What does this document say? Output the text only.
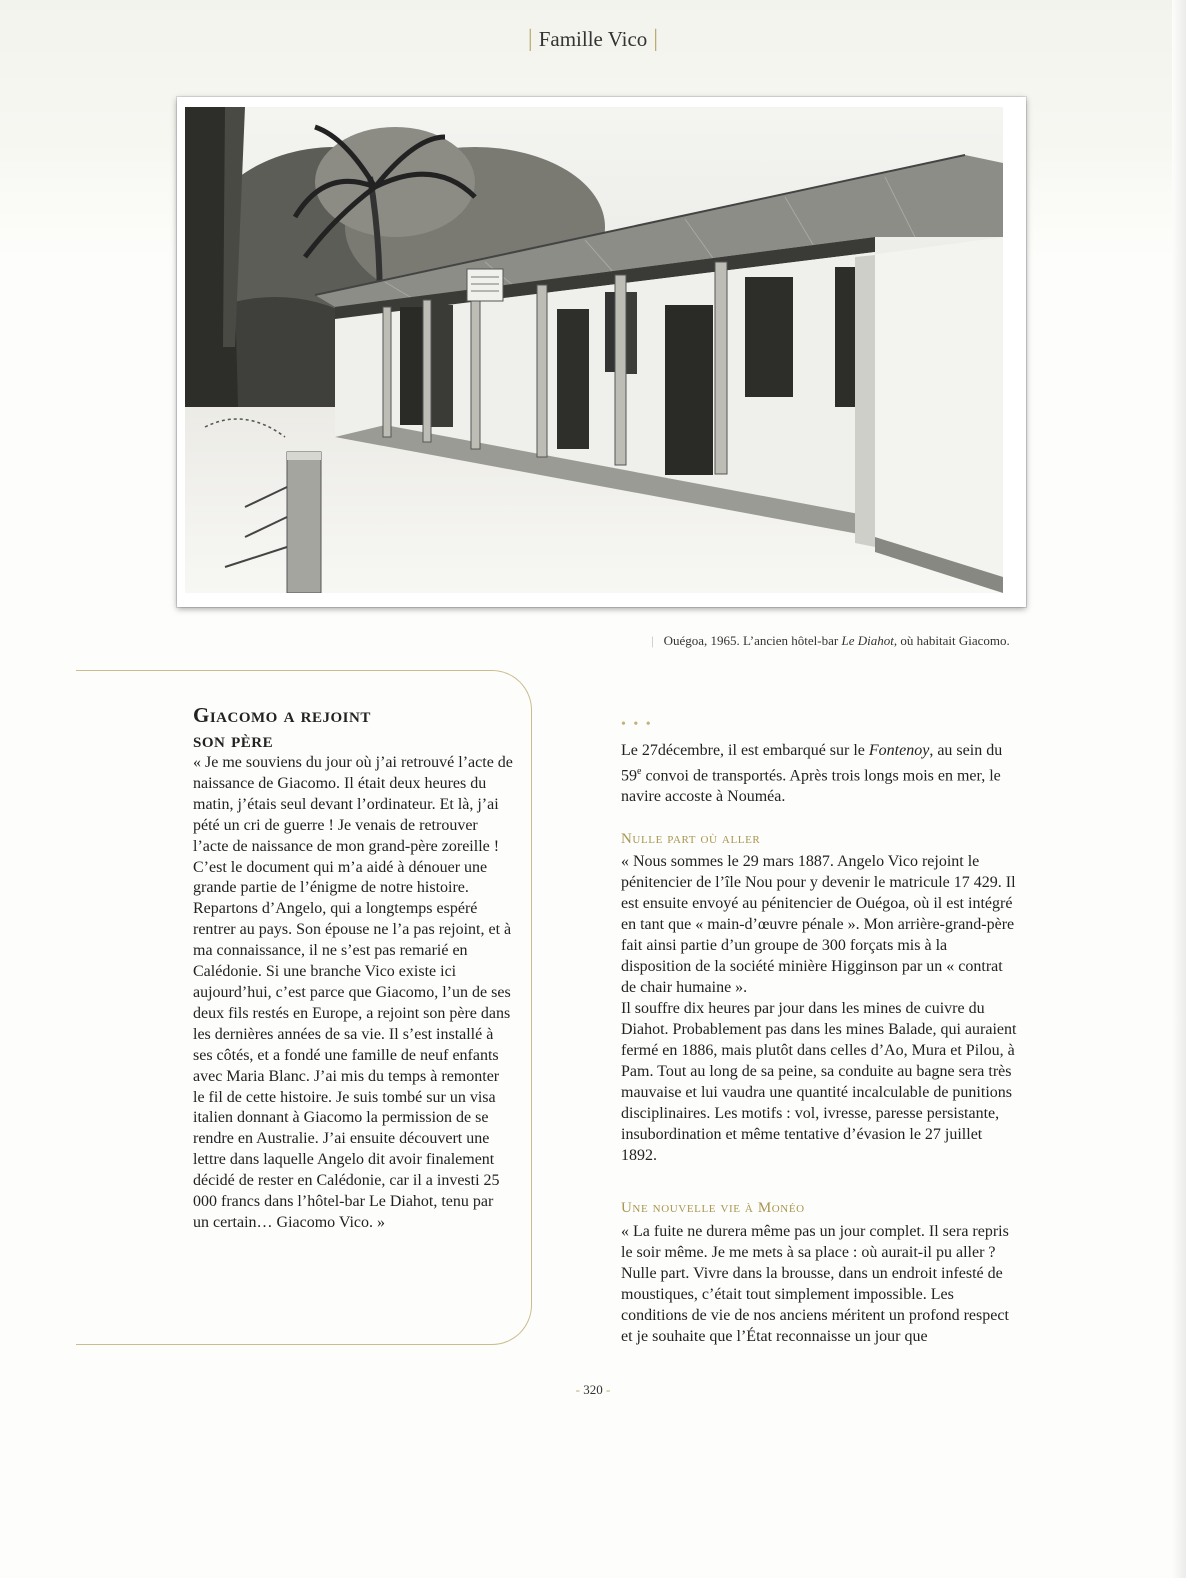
| Famille Vico |
| Ouégoa, 1965. L’ancien hôtel-bar Le Diahot, où habitait Giacomo.
Giacomo a rejoint
son père
« Je me souviens du jour où j’ai retrouvé l’acte de naissance de Giacomo. Il était deux heures du matin, j’étais seul devant l’ordinateur. Et là, j’ai pété un cri de guerre ! Je venais de retrouver l’acte de naissance de mon grand-père zoreille ! C’est le document qui m’a aidé à dénouer une grande partie de l’énigme de notre histoire. Repartons d’Angelo, qui a longtemps espéré rentrer au pays. Son épouse ne l’a pas rejoint, et à ma connaissance, il ne s’est pas remarié en Calédonie. Si une branche Vico existe ici aujourd’hui, c’est parce que Giacomo, l’un de ses deux fils restés en Europe, a rejoint son père dans les dernières années de sa vie. Il s’est installé à ses côtés, et a fondé une famille de neuf enfants avec Maria Blanc. J’ai mis du temps à remonter le fil de cette histoire. Je suis tombé sur un visa italien donnant à Giacomo la permission de se rendre en Australie. J’ai ensuite découvert une lettre dans laquelle Angelo dit avoir finalement décidé de rester en Calédonie, car il a investi 25 000 francs dans l’hôtel-bar Le Diahot, tenu par un certain… Giacomo Vico. »
• • •
Le 27décembre, il est embarqué sur le Fontenoy, au sein du 59e convoi de transportés. Après trois longs mois en mer, le navire accoste à Nouméa.
Nulle part où aller

« Nous sommes le 29 mars 1887. Angelo Vico rejoint le pénitencier de l’île Nou pour y devenir le matricule 17 429. Il est ensuite envoyé au pénitencier de Ouégoa, où il est intégré en tant que « main-d’œuvre pénale ». Mon arrière-grand-père fait ainsi partie d’un groupe de 300 forçats mis à la disposition de la société minière Higginson par un « contrat de chair humaine ».

Il souffre dix heures par jour dans les mines de cuivre du Diahot. Probablement pas dans les mines Balade, qui auraient fermé en 1886, mais plutôt dans celles d’Ao, Mura et Pilou, à Pam. Tout au long de sa peine, sa conduite au bagne sera très mauvaise et lui vaudra une quantité incalculable de punitions disciplinaires. Les motifs : vol, ivresse, paresse persistante, insubordination et même tentative d’évasion le 27 juillet 1892.

Une nouvelle vie à Monéo

« La fuite ne durera même pas un jour complet. Il sera repris le soir même. Je me mets à sa place : où aurait-il pu aller ? Nulle part. Vivre dans la brousse, dans un endroit infesté de moustiques, c’était tout simplement impossible. Les conditions de vie de nos anciens méritent un profond respect et je souhaite que l’État reconnaisse un jour que

- 320 -
